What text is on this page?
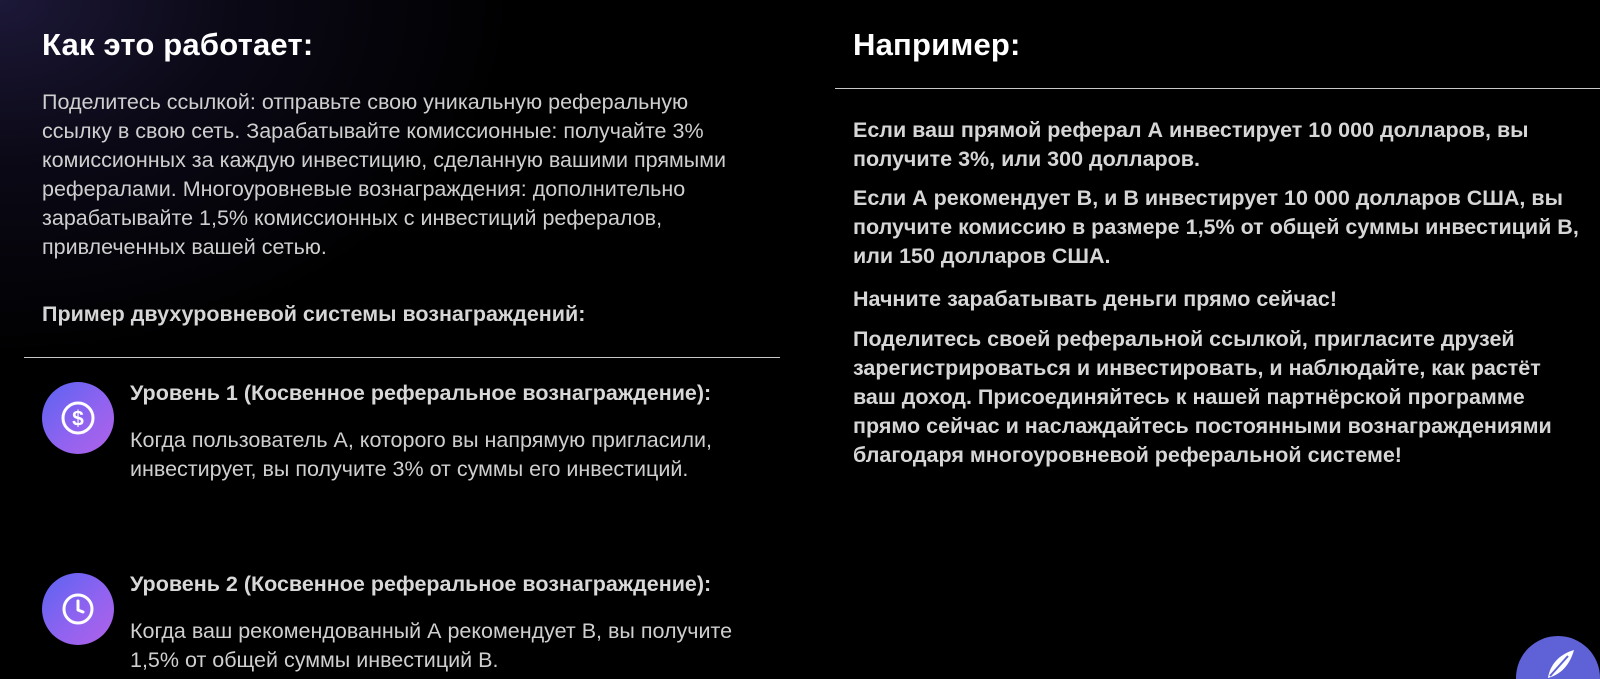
Как это работает:

Поделитесь ссылкой: отправьте свою уникальную реферальную ссылку в свою сеть. Зарабатывайте комиссионные: получайте 3% комиссионных за каждую инвестицию, сделанную вашими прямыми рефералами. Многоуровневые вознаграждения: дополнительно зарабатывайте 1,5% комиссионных с инвестиций рефералов, привлеченных вашей сетью.

Пример двухуровневой системы вознаграждений:

$

Уровень 1 (Косвенное реферальное вознаграждение):

Когда пользователь А, которого вы напрямую пригласили, инвестирует, вы получите 3% от суммы его инвестиций.

Уровень 2 (Косвенное реферальное вознаграждение):

Когда ваш рекомендованный А рекомендует B, вы получите 1,5% от общей суммы инвестиций B.

Например:

Если ваш прямой реферал А инвестирует 10 000 долларов, вы получите 3%, или 300 долларов.

Если А рекомендует В, и В инвестирует 10 000 долларов США, вы получите комиссию в размере 1,5% от общей суммы инвестиций В, или 150 долларов США.

Начните зарабатывать деньги прямо сейчас!

Поделитесь своей реферальной ссылкой, пригласите друзей зарегистрироваться и инвестировать, и наблюдайте, как растёт ваш доход. Присоединяйтесь к нашей партнёрской программе прямо сейчас и наслаждайтесь постоянными вознаграждениями благодаря многоуровневой реферальной системе!
